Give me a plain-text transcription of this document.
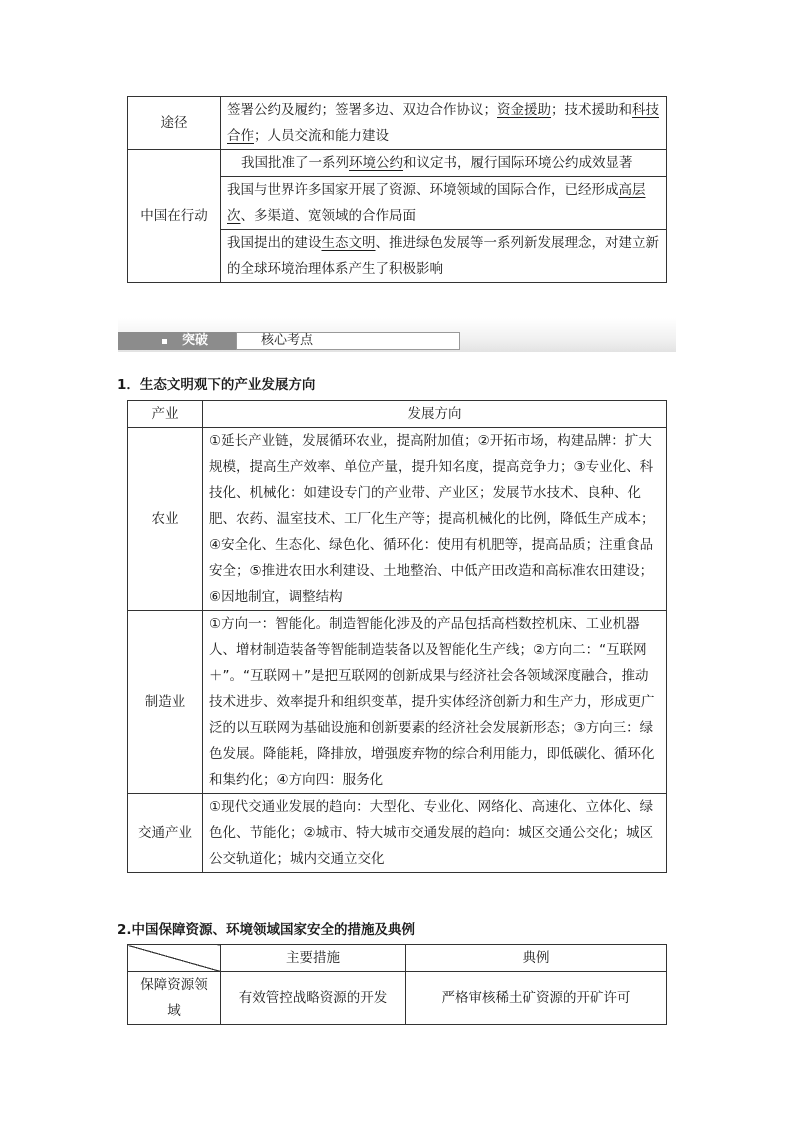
途径	签署公约及履约；签署多边、双边合作协议；资金援助；技术援助和科技合作；人员交流和能力建设
中国在行动	我国批准了一系列环境公约和议定书，履行国际环境公约成效显著
	我国与世界许多国家开展了资源、环境领域的国际合作，已经形成高层次、多渠道、宽领域的合作局面
	我国提出的建设生态文明、推进绿色发展等一系列新发展理念，对建立新的全球环境治理体系产生了积极影响
突破	核心考点
1．生态文明观下的产业发展方向
产业	发展方向
农业	①延长产业链，发展循环农业，提高附加值；②开拓市场，构建品牌：扩大规模，提高生产效率、单位产量，提升知名度，提高竞争力；③专业化、科技化、机械化：如建设专门的产业带、产业区；发展节水技术、良种、化肥、农药、温室技术、工厂化生产等；提高机械化的比例，降低生产成本；④安全化、生态化、绿色化、循环化：使用有机肥等，提高品质；注重食品安全；⑤推进农田水利建设、土地整治、中低产田改造和高标准农田建设；⑥因地制宜，调整结构
制造业	①方向一：智能化。制造智能化涉及的产品包括高档数控机床、工业机器人、增材制造装备等智能制造装备以及智能化生产线；②方向二：“互联网＋”。“互联网＋”是把互联网的创新成果与经济社会各领域深度融合，推动技术进步、效率提升和组织变革，提升实体经济创新力和生产力，形成更广泛的以互联网为基础设施和创新要素的经济社会发展新形态；③方向三：绿色发展。降能耗，降排放，增强废弃物的综合利用能力，即低碳化、循环化和集约化；④方向四：服务化
交通产业	①现代交通业发展的趋向：大型化、专业化、网络化、高速化、立体化、绿色化、节能化；②城市、特大城市交通发展的趋向：城区交通公交化；城区公交轨道化；城内交通立交化
2.中国保障资源、环境领域国家安全的措施及典例
	主要措施	典例
保障资源领域	有效管控战略资源的开发	严格审核稀土矿资源的开矿许可
